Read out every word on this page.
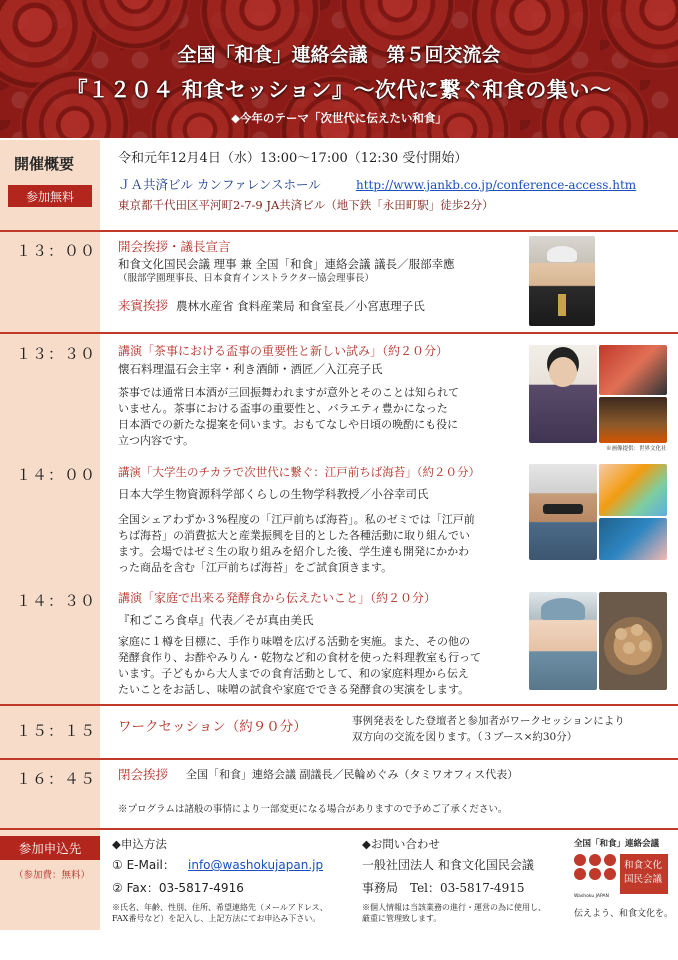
全国「和食」連絡会議　第５回交流会
『１２０４ 和食セッション』〜次代に繋ぐ和食の集い〜
◆今年のテーマ「次世代に伝えたい和食」
開催概要
参加無料
令和元年12月4日（水）13:00〜17:00（12:30 受付開始）
ＪＡ共済ビル カンファレンスホール	http://www.jankb.co.jp/conference-access.htm
東京都千代田区平河町2-7-9 JA共済ビル（地下鉄「永田町駅」徒歩2分）
１３：００ 開会挨拶・議長宣言
和食文化国民会議 理事 兼 全国「和食」連絡会議 議長／服部幸應
（服部学園理事長、日本食育インストラクター協会理事長）
来賓挨拶 農林水産省 食料産業局 和食室長／小宮恵理子氏
１３：３０ 講演「茶事における盃事の重要性と新しい試み」（約２０分）
懐石料理温石会主宰・利き酒師・酒匠／入江亮子氏
茶事では通常日本酒が三回振舞われますが意外とそのことは知られて
いません。茶事における盃事の重要性と、バラエティ豊かになった
日本酒での新たな提案を伺います。おもてなしや日頃の晩酌にも役に
立つ内容です。
※画像提供：世界文化社
１４：００ 講演「大学生のチカラで次世代に繋ぐ：江戸前ちば海苔」（約２０分）
日本大学生物資源科学部くらしの生物学科教授／小谷幸司氏
全国シェアわずか３%程度の「江戸前ちば海苔」。私のゼミでは「江戸前
ちば海苔」の消費拡大と産業振興を目的とした各種活動に取り組んでい
ます。会場ではゼミ生の取り組みを紹介した後、学生達も開発にかかわ
った商品を含む「江戸前ちば海苔」をご試食頂きます。
１４：３０ 講演「家庭で出来る発酵食から伝えたいこと」（約２０分）
『和ごころ食卓』代表／そが真由美氏
家庭に１樽を目標に、手作り味噌を広げる活動を実施。また、その他の
発酵食作り、お酢やみりん・乾物など和の食材を使った料理教室も行って
います。子どもから大人までの食育活動として、和の家庭料理から伝え
たいことをお話し、味噌の試食や家庭でできる発酵食の実演をします。
１５：１５ ワークセッション（約９０分）	事例発表をした登壇者と参加者がワークセッションにより
双方向の交流を図ります。（３ブース×約30分）
１６：４５ 閉会挨拶 全国「和食」連絡会議 副議長／民輪めぐみ（タミワオフィス代表）
※プログラムは諸般の事情により一部変更になる場合がありますので予めご了承ください。
参加申込先
（参加費：無料）
◆申込方法
① E-Mail： info@washokujapan.jp
② Fax：03-5817-4916
※氏名、年齢、性別、住所、希望連絡先（メールアドレス、
FAX番号など）を記入し、上記方法にてお申込み下さい。
◆お問い合わせ
一般社団法人 和食文化国民会議
事務局　Tel：03-5817-4915
※個人情報は当該業務の進行・運営の為に使用し、
厳重に管理致します。
全国「和食」連絡会議
Washoku JAPAN
和食文化
国民会議
伝えよう、和食文化を。
